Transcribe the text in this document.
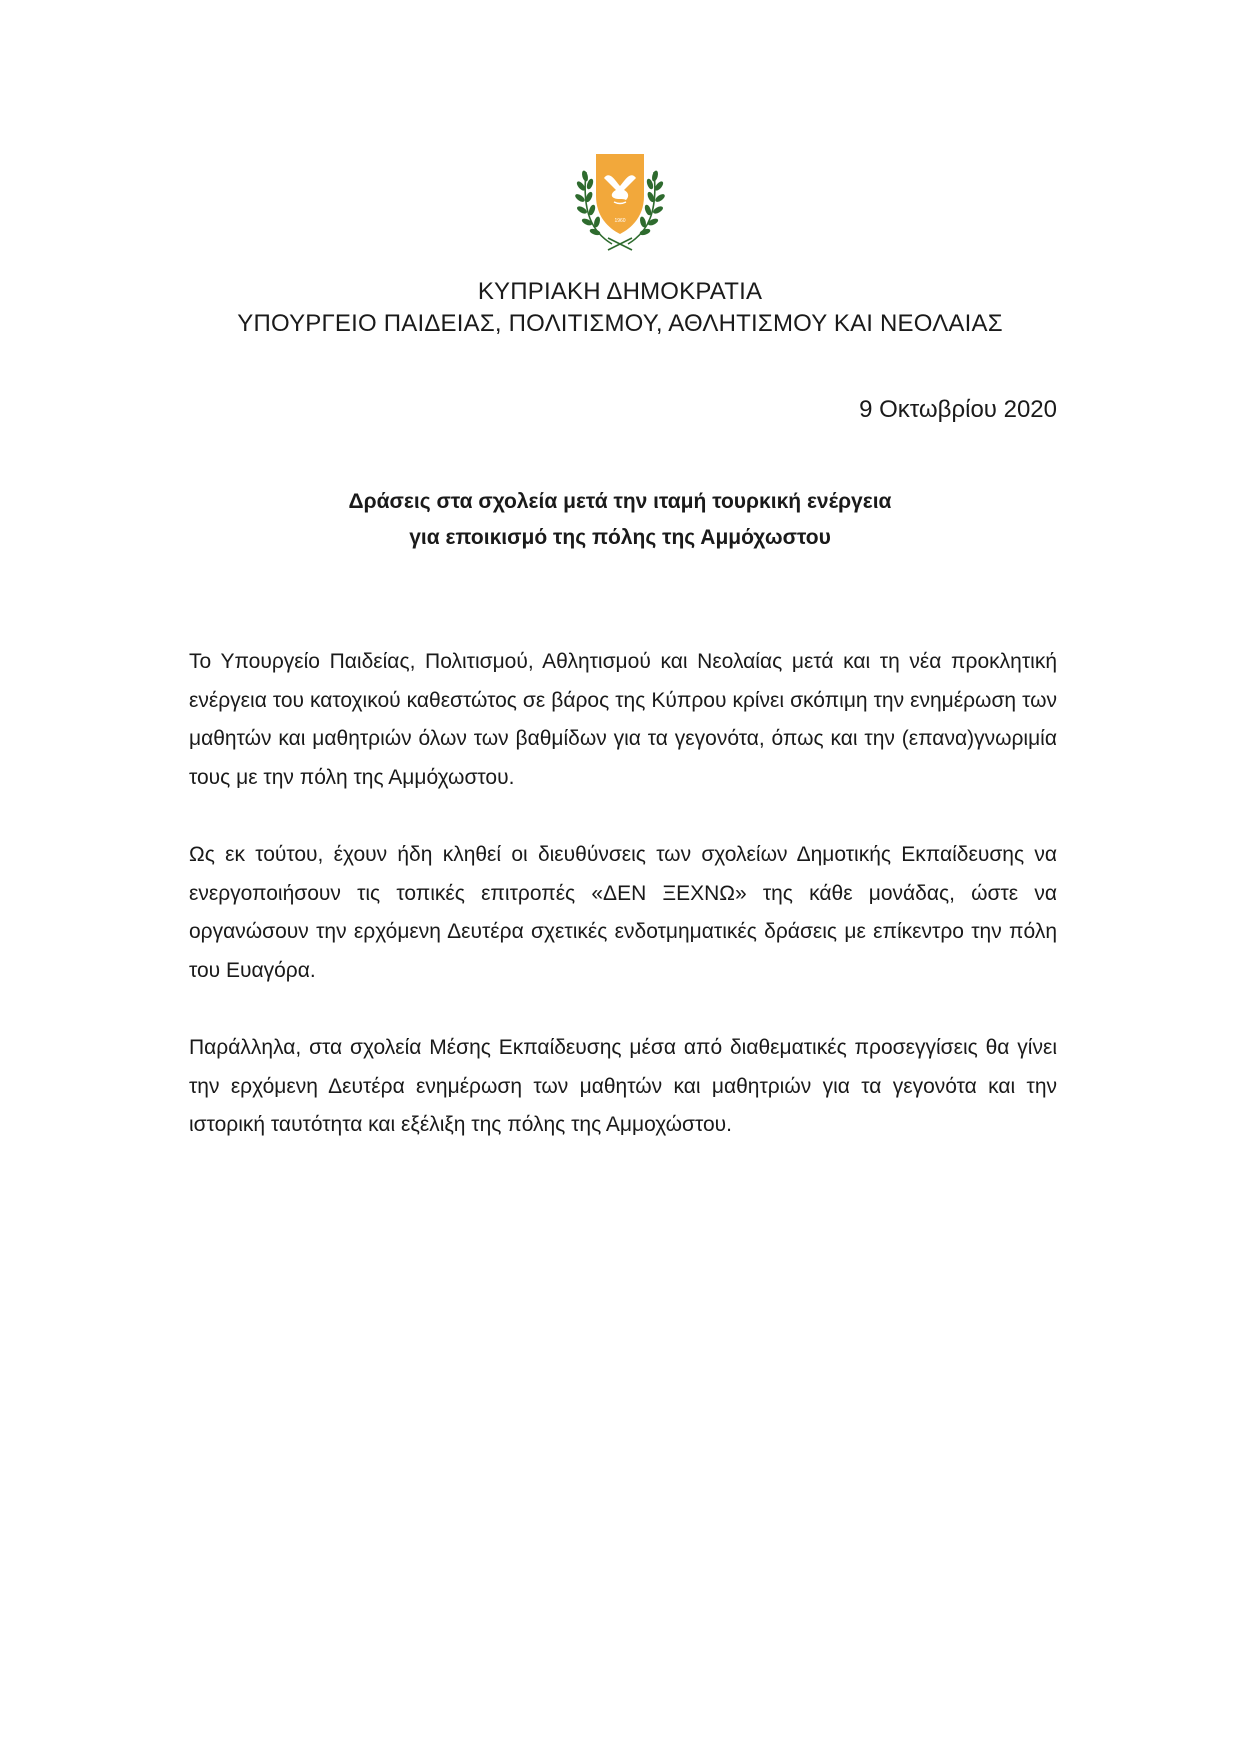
1960
ΚΥΠΡΙΑΚΗ ΔΗΜΟΚΡΑΤΙΑ
ΥΠΟΥΡΓΕΙΟ ΠΑΙΔΕΙΑΣ, ΠΟΛΙΤΙΣΜΟΥ, ΑΘΛΗΤΙΣΜΟΥ ΚΑΙ ΝΕΟΛΑΙΑΣ
9 Οκτωβρίου 2020
Δράσεις στα σχολεία μετά την ιταμή τουρκική ενέργεια
για εποικισμό της πόλης της Αμμόχωστου

Το Υπουργείο Παιδείας, Πολιτισμού, Αθλητισμού και Νεολαίας μετά και τη νέα προκλητική ενέργεια του κατοχικού καθεστώτος σε βάρος της Κύπρου κρίνει σκόπιμη την ενημέρωση των μαθητών και μαθητριών όλων των βαθμίδων για τα γεγονότα, όπως και την (επανα)γνωριμία τους με την πόλη της Αμμόχωστου.

Ως εκ τούτου, έχουν ήδη κληθεί οι διευθύνσεις των σχολείων Δημοτικής Εκπαίδευσης να ενεργοποιήσουν τις τοπικές επιτροπές «ΔΕΝ ΞΕΧΝΩ» της κάθε μονάδας, ώστε να οργανώσουν την ερχόμενη Δευτέρα σχετικές ενδοτμηματικές δράσεις με επίκεντρο την πόλη του Ευαγόρα.

Παράλληλα, στα σχολεία Μέσης Εκπαίδευσης μέσα από διαθεματικές προσεγγίσεις θα γίνει την ερχόμενη Δευτέρα ενημέρωση των μαθητών και μαθητριών για τα γεγονότα και την ιστορική ταυτότητα και εξέλιξη της πόλης της Αμμοχώστου.
